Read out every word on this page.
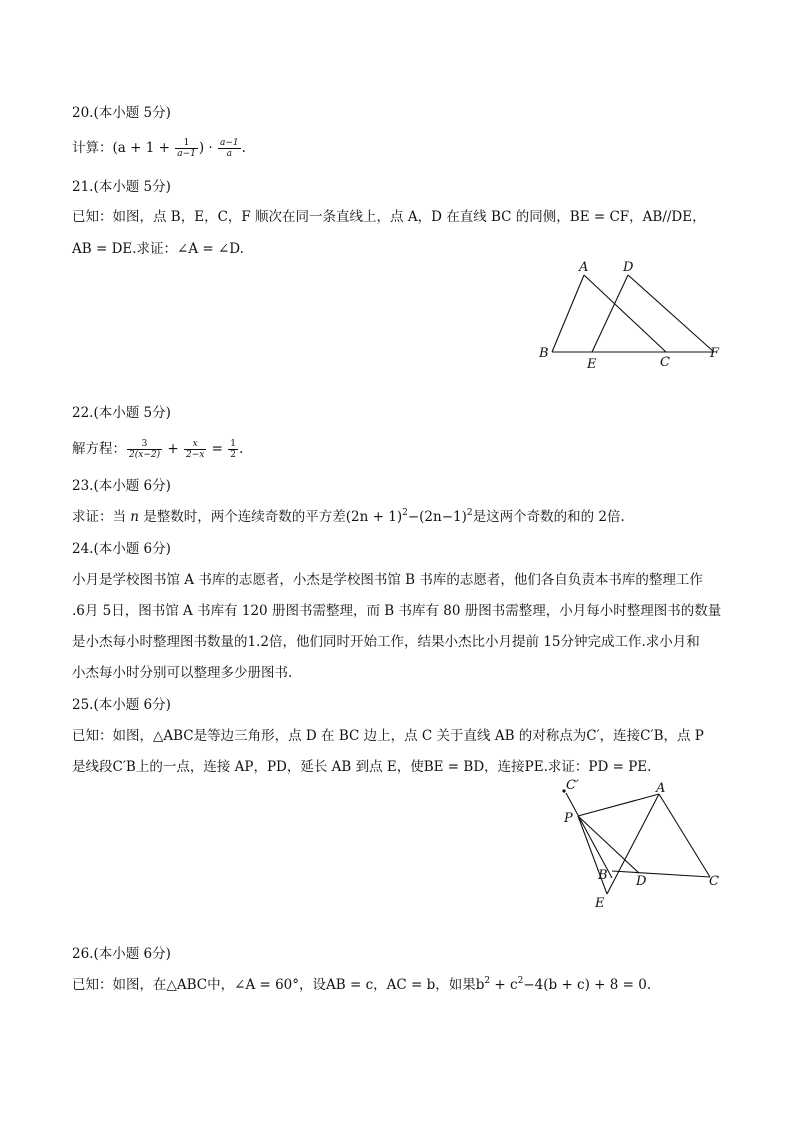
20.(本小题 5分)
计算：($a + 1 + \frac{1}{a-1}$ ) · $\frac{a-1}{a}$ .
21.(本小题 5分)
已知：如图，点 B，E，C，F 顺次在同一条直线上，点 A，D 在直线 BC 的同侧，BE = CF，AB//DE，
AB = DE.求证：∠A = ∠D.
A	D
B
E	C
F
22.(本小题 5分)
解方程： $\frac{3}{2(x-2)} + \frac{x}{2-x} = \frac{1}{2}$ .
23.(本小题 6分)
求证：当 n 是整数时，两个连续奇数的平方差$(2n + 1)^2-(2n-1)^2$是这两个奇数的和的 2倍.
24.(本小题 6分)
小月是学校图书馆 A 书库的志愿者，小杰是学校图书馆 B 书库的志愿者，他们各自负责本书库的整理工作
.6月 5日，图书馆 A 书库有 120 册图书需整理，而 B 书库有 80 册图书需整理，小月每小时整理图书的数量
是小杰每小时整理图书数量的1.2倍，他们同时开始工作，结果小杰比小月提前 15分钟完成工作.求小月和
小杰每小时分别可以整理多少册图书.
25.(本小题 6分)
已知：如图，△ABC是等边三角形，点 D 在 BC 边上，点 C 关于直线 AB 的对称点为C′，连接C′B，点 P
是线段C′B上的一点，连接 AP，PD，延长 AB 到点 E，使BE = BD，连接PE.求证：PD = PE.
C′	A
P
B D	C
E
26.(本小题 6分)
已知：如图，在△ABC中，∠A = 60°，设AB = c，AC = b，如果$b^2 + c^2-4(b + c) + 8 = 0$.
